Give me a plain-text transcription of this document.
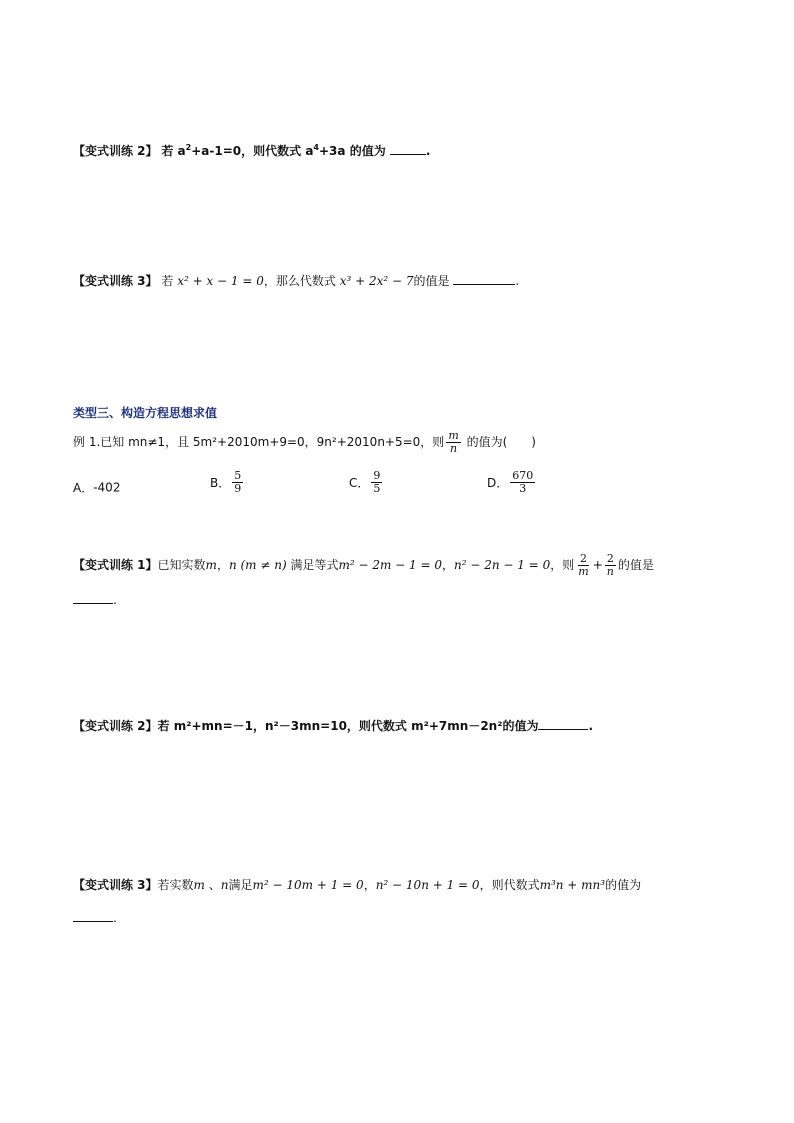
【变式训练 2】 若 $a^2+a-1=0$，则代数式 $a^4+3a$ 的值为	.
【变式训练 3】 若 x² + x − 1 = 0，那么代数式 x³ + 2x² − 7的值是	.
类型三、构造方程思想求值
例 1.已知 mn≠1，且 5m²+2010m+9=0，9n²+2010n+5=0，则 $\frac{m}{n}$ 的值为(　　)
A．-402	B． $\frac{5}{9}$	C． $\frac{9}{5}$	D． $\frac{670}{3}$
【变式训练 1】已知实数m，n (m ≠ n) 满足等式m² − 2m − 1 = 0，n² − 2n − 1 = 0，则 $\frac{2}{m} + \frac{2}{n}$ 的值是
.
【变式训练 2】若 m²+mn=－1，n²－3mn=10，则代数式 m²+7mn－2n²的值为	.
【变式训练 3】若实数m 、n满足m² − 10m + 1 = 0，n² − 10n + 1 = 0，则代数式m³n + mn³的值为
.
